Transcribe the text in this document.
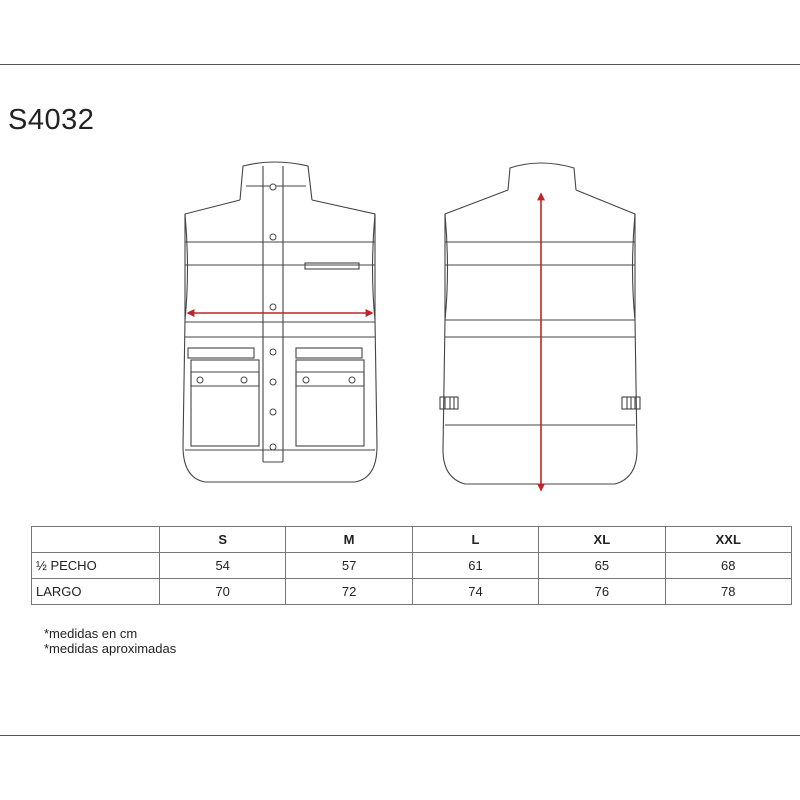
S4032
	S	M	L	XL	XXL
½ PECHO	54	57	61	65	68
LARGO	70	72	74	76	78
*medidas en cm
*medidas aproximadas
